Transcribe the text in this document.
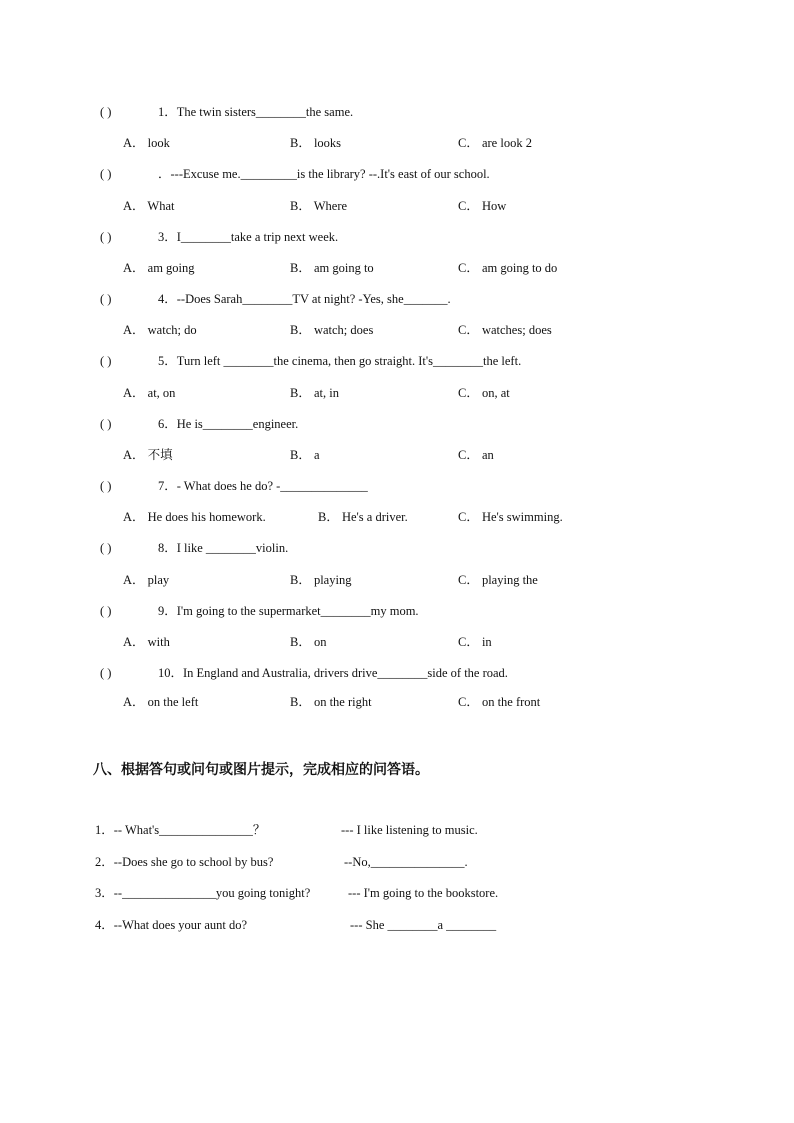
( )	1．The twin sisters________the same.
A． look	B． looks	C． are look 2
( )	．---Excuse me._________is the library? --.It's east of our school.
A． What	B． Where	C． How
( )	3．I________take a trip next week.
A． am going	B． am going to	C． am going to do
( )	4．--Does Sarah________TV at night? -Yes, she_______.
A． watch; do	B． watch; does	C． watches; does
( )	5．Turn left ________the cinema, then go straight. It's________the left.
A． at, on	B． at, in	C． on, at
( )	6．He is________engineer.
A． 不填	B． a	C． an
( )	7．- What does he do? -______________
A． He does his homework.	B． He's a driver.	C． He's swimming.
( )	8．I like ________violin.
A． play	B． playing	C． playing the
( )	9．I'm going to the supermarket________my mom.
A． with	B． on	C． in
( )	10．In England and Australia, drivers drive________side of the road.
A． on the left	B． on the right	C． on the front
八、根据答句或问句或图片提示，完成相应的问答语。
1．-- What's_______________？	--- I like listening to music.
2．--Does she go to school by bus?	--No,_______________.
3．--_______________you going tonight?	--- I'm going to the bookstore.
4．--What does your aunt do?	--- She ________a ________
